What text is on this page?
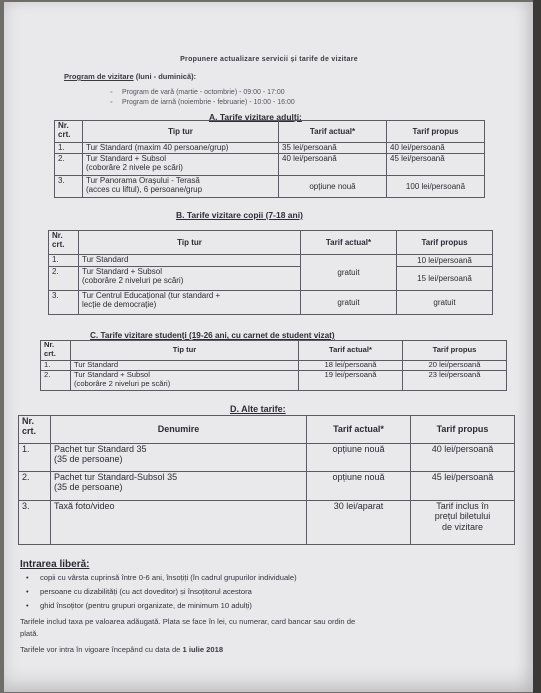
Propunere actualizare servicii și tarife de vizitare
Program de vizitare (luni - duminică):
◦ Program de vară (martie - octombrie) - 09:00 - 17:00
◦ Program de iarnă (noiembrie - februarie) - 10:00 - 16:00
A. Tarife vizitare adulți:
Nr. crt.	Tip tur	Tarif actual*	Tarif propus
1.	Tur Standard (maxim 40 persoane/grup)	35 lei/persoană	40 lei/persoană
2.	Tur Standard + Subsol
(coborâre 2 nivele pe scări)	40 lei/persoană	45 lei/persoană
3.	Tur Panorama Orașului - Terasă
(acces cu liftul), 6 persoane/grup	opțiune nouă	100 lei/persoană
B. Tarife vizitare copii (7-18 ani)
Nr. crt.	Tip tur	Tarif actual*	Tarif propus
1.	Tur Standard	gratuit	10 lei/persoană
2.	Tur Standard + Subsol
(coborâre 2 niveluri pe scări)		15 lei/persoană
3.	Tur Centrul Educațional (tur standard +
lecție de democrație)	gratuit	gratuit
C. Tarife vizitare studenți (19-26 ani, cu carnet de student vizat)
Nr. crt.	Tip tur	Tarif actual*	Tarif propus
1.	Tur Standard	18 lei/persoană	20 lei/persoană
2.	Tur Standard + Subsol
(coborâre 2 niveluri pe scări)	19 lei/persoană	23 lei/persoană
D. Alte tarife:
Nr. crt.	Denumire	Tarif actual*	Tarif propus
1.	Pachet tur Standard 35
(35 de persoane)	opțiune nouă	40 lei/persoană
2.	Pachet tur Standard-Subsol 35
(35 de persoane)	opțiune nouă	45 lei/persoană
3.	Taxă foto/video	30 lei/aparat	Tarif inclus în
prețul biletului
de vizitare
Intrarea liberă:
• copii cu vârsta cuprinsă între 0-6 ani, însoțiți (în cadrul grupurilor individuale)
• persoane cu dizabilități (cu act doveditor) și însoțitorul acestora
• ghid însoțitor (pentru grupuri organizate, de minimum 10 adulți)
Tarifele includ taxa pe valoarea adăugată. Plata se face în lei, cu numerar, card bancar sau ordin de
plată.
Tarifele vor intra în vigoare începând cu data de 1 iulie 2018
